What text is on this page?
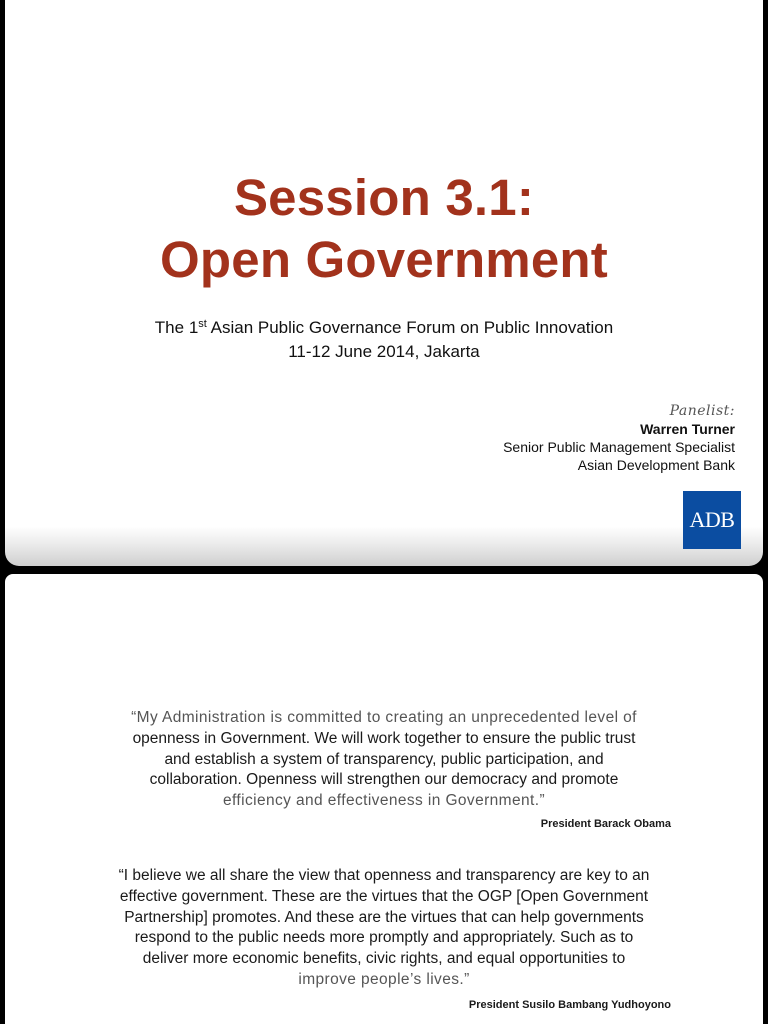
Session 3.1:
Open Government
The 1st Asian Public Governance Forum on Public Innovation
11-12 June 2014, Jakarta
Panelist:
Warren Turner
Senior Public Management Specialist
Asian Development Bank
ADB
“My Administration is committed to creating an unprecedented level of
openness in Government. We will work together to ensure the public trust
and establish a system of transparency, public participation, and
collaboration. Openness will strengthen our democracy and promote
efficiency and effectiveness in Government.”
President Barack Obama
“I believe we all share the view that openness and transparency are key to an
effective government. These are the virtues that the OGP [Open Government
Partnership] promotes. And these are the virtues that can help governments
respond to the public needs more promptly and appropriately. Such as to
deliver more economic benefits, civic rights, and equal opportunities to
improve people’s lives.”
President Susilo Bambang Yudhoyono
